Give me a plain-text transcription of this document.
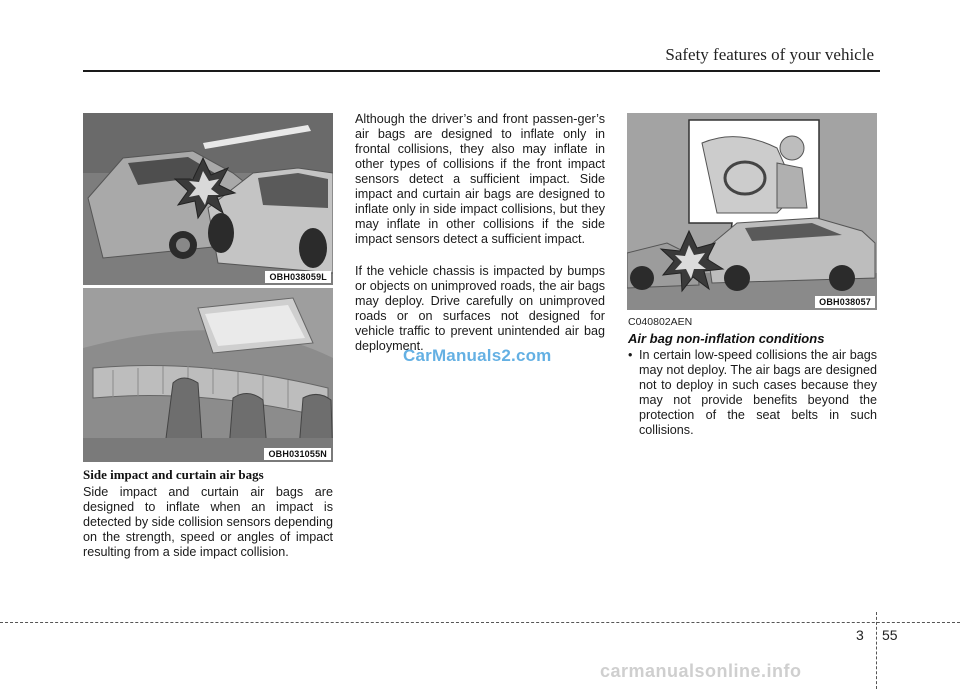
Safety features of your vehicle
OBH038059L
OBH031055N
Side impact and curtain air bags
Side impact and curtain air bags are designed to inflate when an impact is detected by side collision sensors depending on the strength, speed or angles of impact resulting from a side impact collision.
Although the driver’s and front passen-ger’s air bags are designed to inflate only in frontal collisions, they also may inflate in other types of collisions if the front impact sensors detect a sufficient impact. Side impact and curtain air bags are designed to inflate only in side impact collisions, but they may inflate in other collisions if the side impact sensors detect a sufficient impact.
If the vehicle chassis is impacted by bumps or objects on unimproved roads, the air bags may deploy. Drive carefully on unimproved roads or on surfaces not designed for vehicle traffic to prevent unintended air bag deployment.
OBH038057
C040802AEN
Air bag non-inflation conditions
• In certain low-speed collisions the air bags may not deploy. The air bags are designed not to deploy in such cases because they may not provide benefits beyond the protection of the seat belts in such collisions.
CarManuals2.com
3 55
carmanualsonline.info
